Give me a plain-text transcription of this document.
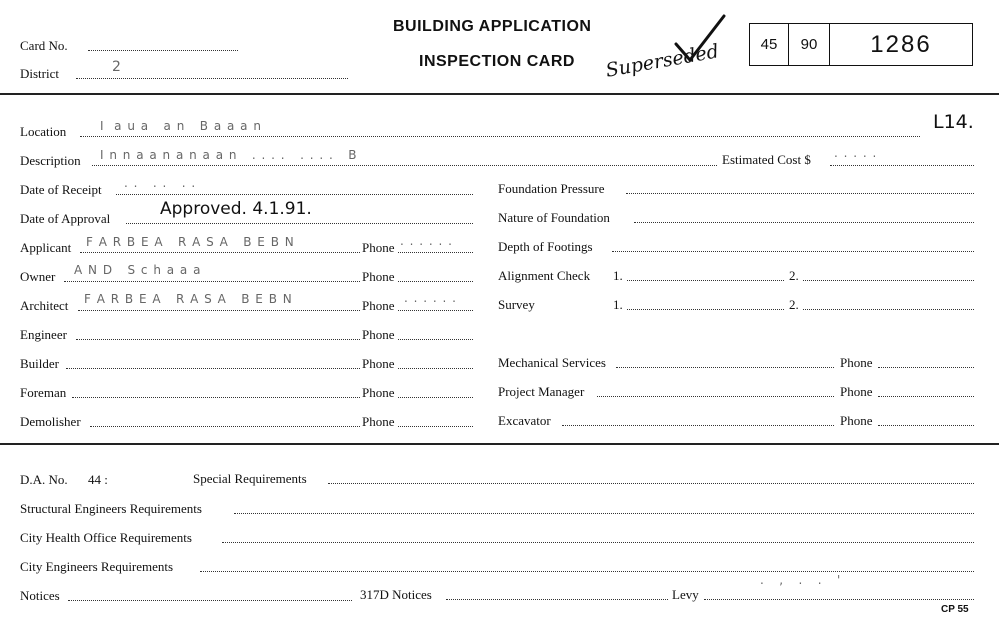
Card No.
District	2
BUILDING APPLICATION
INSPECTION CARD Superseded	45	90	1286
L14.
Location	I  a u a   a n   B a a a n
Description I n n a a n a n a a n   . . . .   . . . .   B	Estimated Cost $ . . . . .
Date of Receipt . .   . .   . .	Foundation Pressure
Date of Approval	Approved. 4.1.91.	Nature of Foundation
Applicant F A R B E A   R A S A   B E B N	Phone . . . . . .	Depth of Footings
Owner A N D   S c h a a a	Phone	Alignment Check 1.	2.
Architect F A R B E A   R A S A   B E B N	Phone . . . . . .	Survey	1.	2.
Engineer	Phone
Builder	Phone	Mechanical Services	Phone
Foreman	Phone	Project Manager	Phone
Demolisher	Phone	Excavator	Phone
D.A. No. 44 :	Special Requirements
Structural Engineers Requirements
City Health Office Requirements
City Engineers Requirements
Notices	317D Notices	Levy
.   ,   .   .   '
CP 55
